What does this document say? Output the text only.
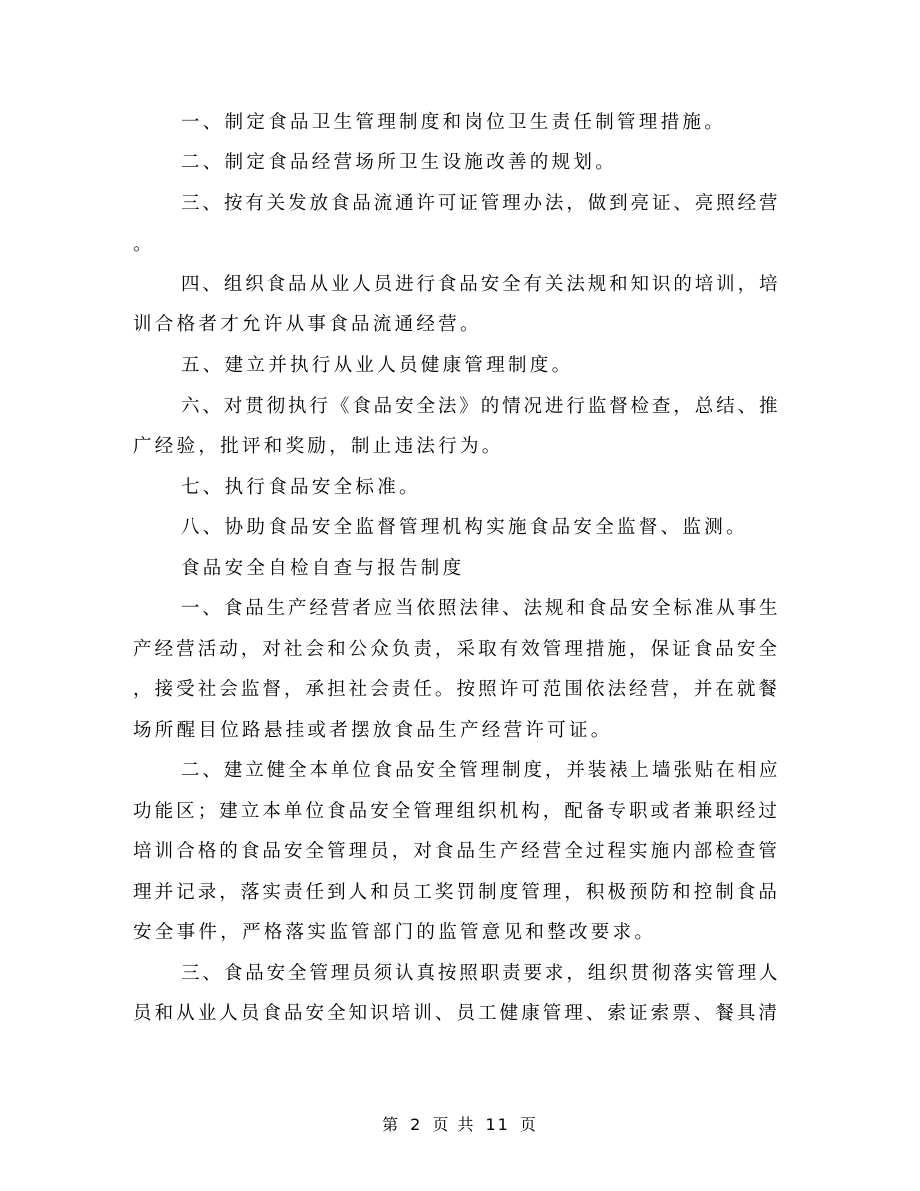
一、制定食品卫生管理制度和岗位卫生责任制管理措施。
二、制定食品经营场所卫生设施改善的规划。
三、按有关发放食品流通许可证管理办法，做到亮证、亮照经营
。
四、组织食品从业人员进行食品安全有关法规和知识的培训，培
训合格者才允许从事食品流通经营。
五、建立并执行从业人员健康管理制度。
六、对贯彻执行《食品安全法》的情况进行监督检查，总结、推
广经验，批评和奖励，制止违法行为。
七、执行食品安全标准。
八、协助食品安全监督管理机构实施食品安全监督、监测。
食品安全自检自查与报告制度
一、食品生产经营者应当依照法律、法规和食品安全标准从事生
产经营活动，对社会和公众负责，采取有效管理措施，保证食品安全
，接受社会监督，承担社会责任。按照许可范围依法经营，并在就餐
场所醒目位路悬挂或者摆放食品生产经营许可证。
二、建立健全本单位食品安全管理制度，并装裱上墙张贴在相应
功能区；建立本单位食品安全管理组织机构，配备专职或者兼职经过
培训合格的食品安全管理员，对食品生产经营全过程实施内部检查管
理并记录，落实责任到人和员工奖罚制度管理，积极预防和控制食品
安全事件，严格落实监管部门的监管意见和整改要求。
三、食品安全管理员须认真按照职责要求，组织贯彻落实管理人
员和从业人员食品安全知识培训、员工健康管理、索证索票、餐具清
第 2 页 共 11 页
